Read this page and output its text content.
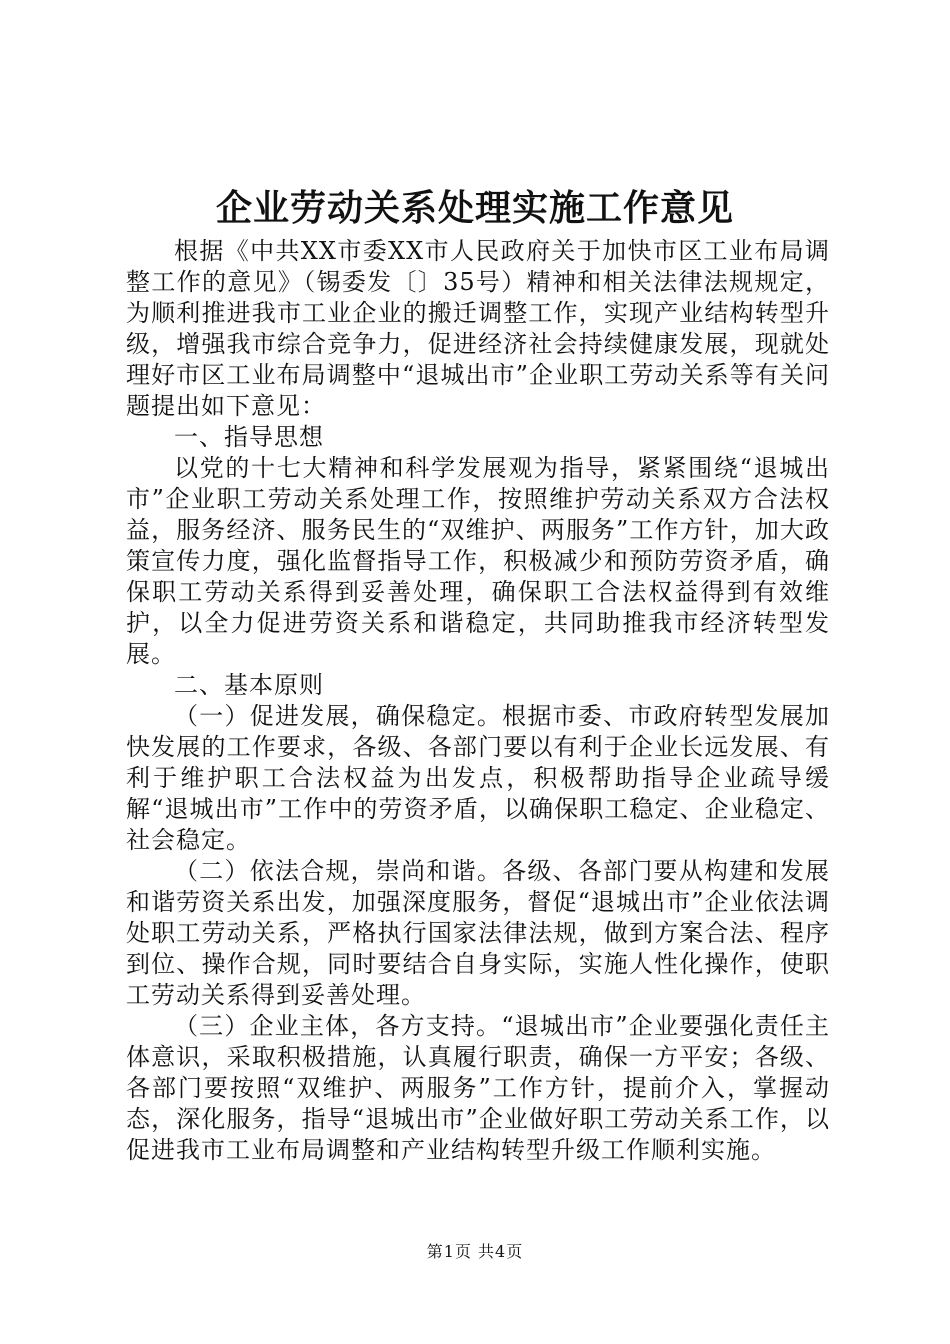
企业劳动关系处理实施工作意见

根据《中共XX市委XX市人民政府关于加快市区工业布局调整工作的意见》（锡委发〔〕35号）精神和相关法律法规规定，为顺利推进我市工业企业的搬迁调整工作，实现产业结构转型升级，增强我市综合竞争力，促进经济社会持续健康发展，现就处理好市区工业布局调整中“退城出市”企业职工劳动关系等有关问题提出如下意见：

一、指导思想

以党的十七大精神和科学发展观为指导，紧紧围绕“退城出市”企业职工劳动关系处理工作，按照维护劳动关系双方合法权益，服务经济、服务民生的“双维护、两服务”工作方针，加大政策宣传力度，强化监督指导工作，积极减少和预防劳资矛盾，确保职工劳动关系得到妥善处理，确保职工合法权益得到有效维护，以全力促进劳资关系和谐稳定，共同助推我市经济转型发展。

二、基本原则

（一）促进发展，确保稳定。根据市委、市政府转型发展加快发展的工作要求，各级、各部门要以有利于企业长远发展、有利于维护职工合法权益为出发点，积极帮助指导企业疏导缓解“退城出市”工作中的劳资矛盾，以确保职工稳定、企业稳定、社会稳定。

（二）依法合规，崇尚和谐。各级、各部门要从构建和发展和谐劳资关系出发，加强深度服务，督促“退城出市”企业依法调处职工劳动关系，严格执行国家法律法规，做到方案合法、程序到位、操作合规，同时要结合自身实际，实施人性化操作，使职工劳动关系得到妥善处理。

（三）企业主体，各方支持。“退城出市”企业要强化责任主体意识，采取积极措施，认真履行职责，确保一方平安；各级、各部门要按照“双维护、两服务”工作方针，提前介入，掌握动态，深化服务，指导“退城出市”企业做好职工劳动关系工作，以促进我市工业布局调整和产业结构转型升级工作顺利实施。

第1页 共4页
